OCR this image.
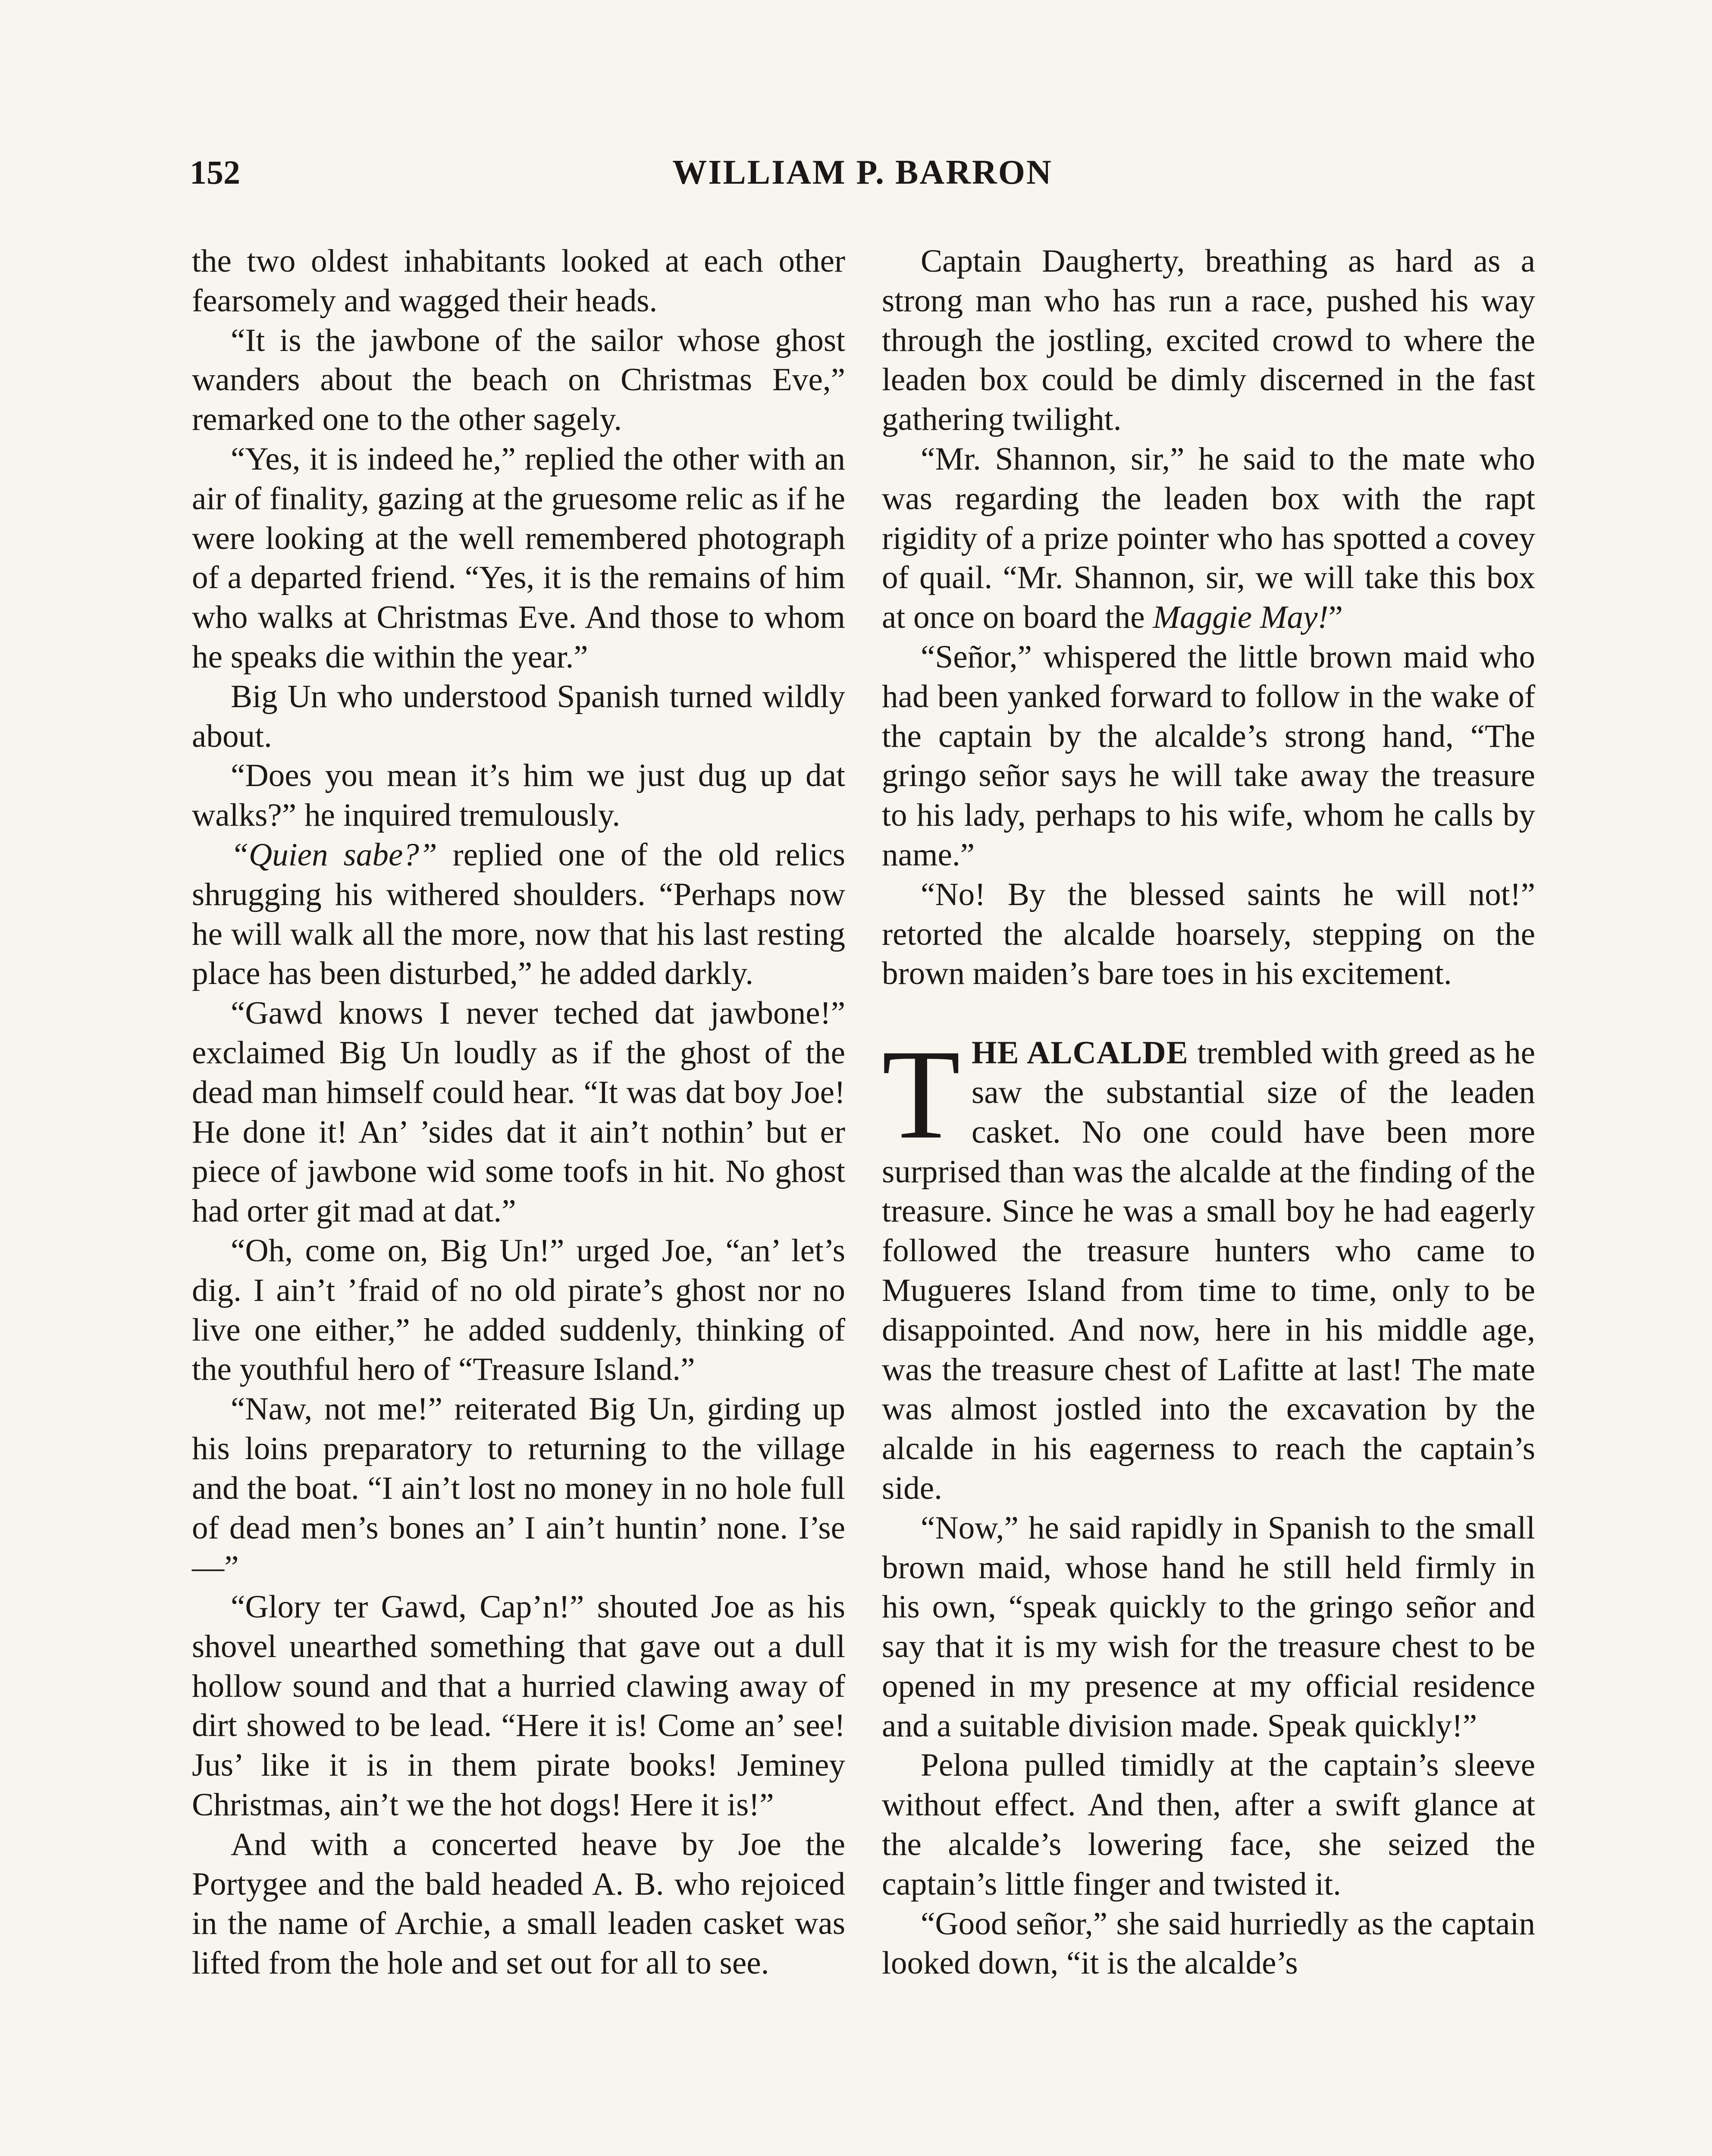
152	WILLIAM P. BARRON

the two oldest inhabitants looked at each other fearsomely and wagged their heads.

“It is the jawbone of the sailor whose ghost wanders about the beach on Christmas Eve,” remarked one to the other sagely.

“Yes, it is indeed he,” replied the other with an air of finality, gazing at the gruesome relic as if he were looking at the well remembered photograph of a departed friend. “Yes, it is the remains of him who walks at Christmas Eve. And those to whom he speaks die within the year.”

Big Un who understood Spanish turned wildly about.

“Does you mean it’s him we just dug up dat walks?” he inquired tremulously.

“Quien sabe?” replied one of the old relics shrugging his withered shoulders. “Perhaps now he will walk all the more, now that his last resting place has been disturbed,” he added darkly.

“Gawd knows I never teched dat jawbone!” exclaimed Big Un loudly as if the ghost of the dead man himself could hear. “It was dat boy Joe! He done it! An’ ’sides dat it ain’t nothin’ but er piece of jawbone wid some toofs in hit. No ghost had orter git mad at dat.”

“Oh, come on, Big Un!” urged Joe, “an’ let’s dig. I ain’t ’fraid of no old pirate’s ghost nor no live one either,” he added suddenly, thinking of the youthful hero of “Treasure Island.”

“Naw, not me!” reiterated Big Un, girding up his loins preparatory to returning to the village and the boat. “I ain’t lost no money in no hole full of dead men’s bones an’ I ain’t huntin’ none. I’se—”

“Glory ter Gawd, Cap’n!” shouted Joe as his shovel unearthed something that gave out a dull hollow sound and that a hurried clawing away of dirt showed to be lead. “Here it is! Come an’ see! Jus’ like it is in them pirate books! Jeminey Christmas, ain’t we the hot dogs! Here it is!”

And with a concerted heave by Joe the Portygee and the bald headed A. B. who rejoiced in the name of Archie, a small leaden casket was lifted from the hole and set out for all to see.

Captain Daugherty, breathing as hard as a strong man who has run a race, pushed his way through the jostling, excited crowd to where the leaden box could be dimly discerned in the fast gathering twilight.

“Mr. Shannon, sir,” he said to the mate who was regarding the leaden box with the rapt rigidity of a prize pointer who has spotted a covey of quail. “Mr. Shannon, sir, we will take this box at once on board the Maggie May!”

“Señor,” whispered the little brown maid who had been yanked forward to follow in the wake of the captain by the alcalde’s strong hand, “The gringo señor says he will take away the treasure to his lady, perhaps to his wife, whom he calls by name.”

“No! By the blessed saints he will not!” retorted the alcalde hoarsely, stepping on the brown maiden’s bare toes in his excitement.

THE ALCALDE trembled with greed as he saw the substantial size of the leaden casket. No one could have been more surprised than was the alcalde at the finding of the treasure. Since he was a small boy he had eagerly followed the treasure hunters who came to Mugueres Island from time to time, only to be disappointed. And now, here in his middle age, was the treasure chest of Lafitte at last! The mate was almost jostled into the excavation by the alcalde in his eagerness to reach the captain’s side.

“Now,” he said rapidly in Spanish to the small brown maid, whose hand he still held firmly in his own, “speak quickly to the gringo señor and say that it is my wish for the treasure chest to be opened in my presence at my official residence and a suitable division made. Speak quickly!”

Pelona pulled timidly at the captain’s sleeve without effect. And then, after a swift glance at the alcalde’s lowering face, she seized the captain’s little finger and twisted it.

“Good señor,” she said hurriedly as the captain looked down, “it is the alcalde’s
